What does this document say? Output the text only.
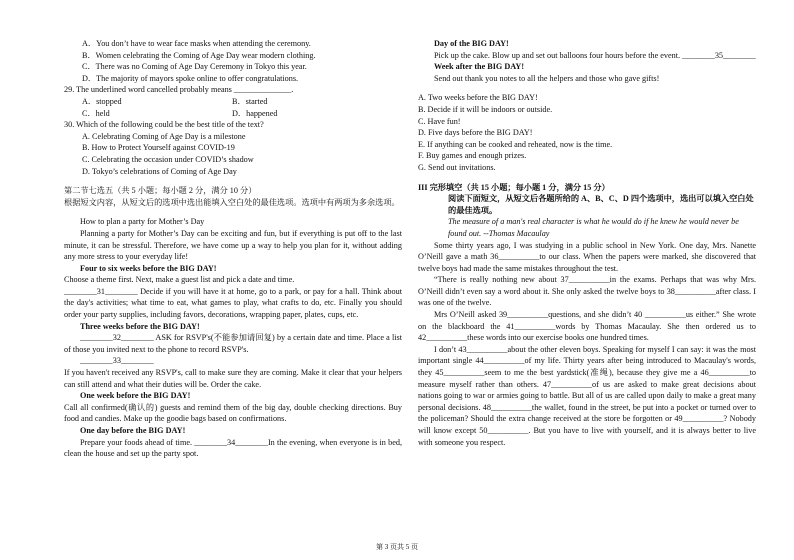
A．You don’t have to wear face masks when attending the ceremony.
B．Women celebrating the Coming of Age Day wear modern clothing.
C．There was no Coming of Age Day Ceremony in Tokyo this year.
D．The majority of mayors spoke online to offer congratulations.
29. The underlined word cancelled probably means ______________.
A．stopped	B．started
C．held	D．happened
30. Which of the following could be the best title of the text?
A. Celebrating Coming of Age Day is a milestone
B. How to Protect Yourself against COVID-19
C. Celebrating the occasion under COVID’s shadow
D. Tokyo’s celebrations of Coming of Age Day
第二节七选五（共 5 小题；每小题 2 分，满分 10 分）
根据短文内容，从短文后的选项中选出能填入空白处的最佳选项。选项中有两项为多余选项。
How to plan a party for Mother’s Day
Planning a party for Mother’s Day can be exciting and fun, but if everything is put off to the last minute, it can be stressful. Therefore, we have come up a way to help you plan for it, without adding any more stress to your everyday life!
Four to six weeks before the BIG DAY!
Choose a theme first. Next, make a guest list and pick a date and time.
________31________ Decide if you will have it at home, go to a park, or pay for a hall. Think about the day's activities; what time to eat, what games to play, what crafts to do, etc. Finally you should order your party supplies, including favors, decorations, wrapping paper, plates, cups, etc.
Three weeks before the BIG DAY!
________32________ ASK for RSVP's(不能参加请回复) by a certain date and time. Place a list of those you invited next to the phone to record RSVP's.
________33________
If you haven't received any RSVP's, call to make sure they are coming. Make it clear that your helpers can still attend and what their duties will be. Order the cake.
One week before the BIG DAY!
Call all confirmed(确认的) guests and remind them of the big day, double checking directions. Buy food and candies. Make up the goodie bags based on confirmations.
One day before the BIG DAY!
Prepare your foods ahead of time. ________34________In the evening, when everyone is in bed, clean the house and set up the party spot.
Day of the BIG DAY!
Pick up the cake. Blow up and set out balloons four hours before the event. ________35________
Week after the BIG DAY!
Send out thank you notes to all the helpers and those who gave gifts!
A. Two weeks before the BIG DAY!
B. Decide if it will be indoors or outside.
C. Have fun!
D. Five days before the BIG DAY!
E. If anything can be cooked and reheated, now is the time.
F. Buy games and enough prizes.
G. Send out invitations.
III 完形填空（共 15 小题；每小题 1 分，满分 15 分）
阅读下面短文，从短文后各题所给的 A、B、C、D 四个选项中，选出可以填入空白处的最佳选项。
The measure of a man's real character is what he would do if he knew he would never be found out. --Thomas Macaulay
Some thirty years ago, I was studying in a public school in New York. One day, Mrs. Nanette O’Neill gave a math 36__________to our class. When the papers were marked, she discovered that twelve boys had made the same mistakes throughout the test.
“There is really nothing new about 37__________in the exams. Perhaps that was why Mrs. O’Neill didn’t even say a word about it. She only asked the twelve boys to 38__________after class. I was one of the twelve.
Mrs O’Neill asked 39__________questions, and she didn’t 40 __________us either.” She wrote on the blackboard the 41__________words by Thomas Macaulay. She then ordered us to 42__________these words into our exercise books one hundred times.
I don’t 43__________about the other eleven boys. Speaking for myself I can say: it was the most important single 44__________of my life. Thirty years after being introduced to Macaulay's words, they 45__________seem to me the best yardstick(准绳), because they give me a 46__________to measure myself rather than others. 47__________of us are asked to make great decisions about nations going to war or armies going to battle. But all of us are called upon daily to make a great many personal decisions. 48__________the wallet, found in the street, be put into a pocket or turned over to the policeman? Should the extra change received at the store be forgotten or 49__________? Nobody will know except 50__________. But you have to live with yourself, and it is always better to live with someone you respect.
第 3 页共 5 页
